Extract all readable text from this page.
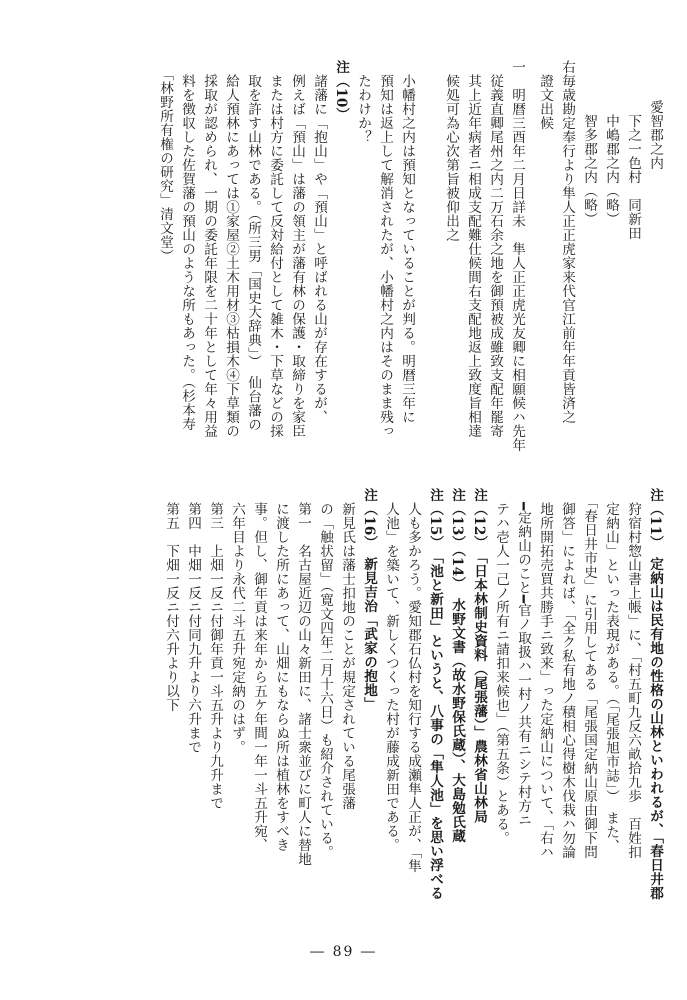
注（11）　定納山は民有地の性格の山林といわれるが、「春日井郡
　狩宿村惣山書上帳」に、「村五町九反六畝拾九歩　百姓扣
　定納山」といった表現がある。（「尾張旭市誌」）　また、
　「春日井市史」に引用してある「尾張国定納山原由御下問
　御答」によれば、「全ク私有地ノ積相心得樹木伐栽ハ勿論
　地所開拓売買共勝手ニ致来」った定納山について、「右ハ
　━定納山のこと━官ノ取扱ハ一村ノ共有ニシテ村方ニ
　テハ壱人一己ノ所有ニ請扣来候也」（第五条）とある。
注（12）　「日本林制史資料（尾張藩）」農林省山林局
注（13）（14）　水野文書（故水野保氏蔵）、大島勉氏蔵
注（15）　「池と新田」というと、八事の「隼人池」を思い浮べる
　人も多かろう。愛知郡石仏村を知行する成瀬隼人正が、「隼
　人池」を築いて、新しくつくった村が藤成新田である。
注（16）　新見吉治「武家の抱地」
　新見氏は藩士扣地のことが規定されている尾張藩
　の「触状留」（寛文四年二月十六日）も紹介されている。
　第一　名古屋近辺の山々新田に、諸士衆並びに町人に替地
　に渡した所にあって、山畑にもならぬ所は植林をすべき
　事。但し、御年貢は来年から五ケ年間一年一斗五升宛、
　六年目より永代二斗五升宛定納のはず。
　第三　上畑一反ニ付御年貢一斗五升より九升まで
　第四　中畑一反ニ付同九升より六升まで
　第五　下畑一反ニ付六升より以下
　愛智郡之内
　　下之一色村　同新田
　　中嶋郡之内（略）
　　智多郡之内（略）
右毎歳勘定奉行より隼人正正虎家来代官江前年年貢皆済之
　證文出候
一　明暦三酉年二月日詳未　隼人正正虎光友卿に相願候ハ先年
　従義直卿尾州之内二万石余之地を御預被成雖致支配年罷寄
　其上近年病者ニ相成支配難仕候間右支配地返上致度旨相達
　候処可為心次第旨被仰出之
　小幡村之内は預知となっていることが判る。明暦三年に
　預知は返上して解消されたが、小幡村之内はそのまま残っ
　たわけか？
注（10）　
　諸藩に「抱山」や「預山」と呼ばれる山が存在するが、
　例えば「預山」は藩の領主が藩有林の保護・取締りを家臣
　または村方に委託して反対給付として雑木・下草などの採
　取を許す山林である。（所三男「国史大辞典」）　仙台藩の
　給人預林にあっては①家屋②土木用材③枯損木④下草類の
　採取が認められ、一期の委託年限を二十年として年々用益
　料を徴収した佐賀藩の預山のような所もあった。（杉本寿
　「林野所有権の研究」清文堂）
― 89 ―
